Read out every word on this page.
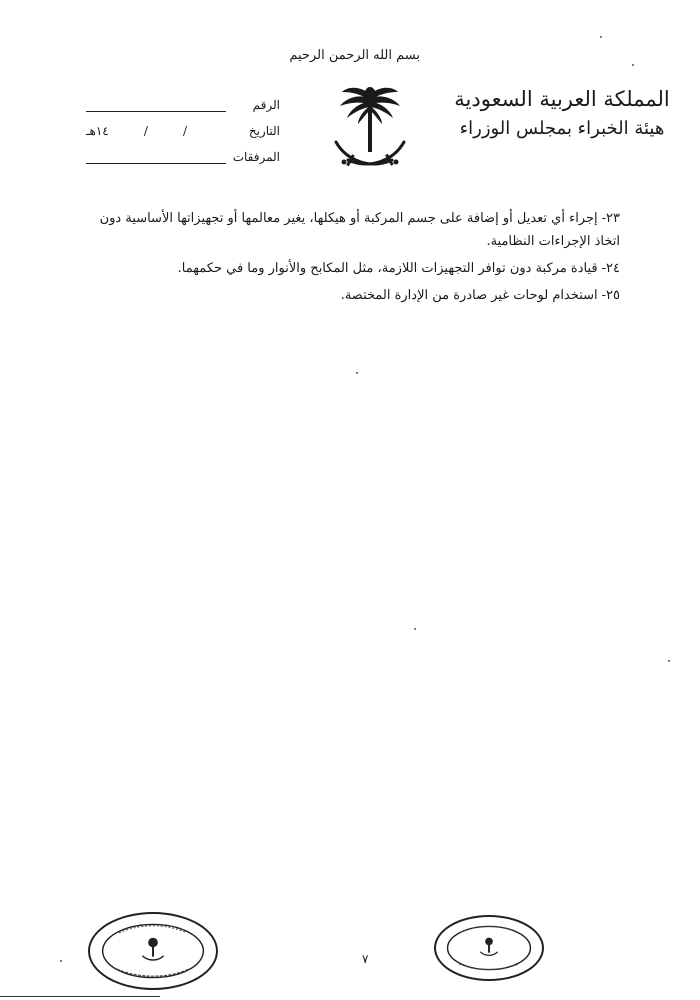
بسم الله الرحمن الرحيم
المملكة العربية السعودية
هيئة الخبراء بمجلس الوزراء
الرقم
التاريخ
١٤هـ	/	/

المرفقات

٢٣-إجراء أي تعديل أو إضافة على جسم المركبة أو هيكلها، يغير معالمها أو تجهيزاتها الأساسية دون اتخاذ الإجراءات النظامية.

٢٤-قيادة مركبة دون توافر التجهيزات اللازمة، مثل المكابح والأنوار وما في حكمهما.

٢٥-استخدام لوحات غير صادرة من الإدارة المختصة.

٧
